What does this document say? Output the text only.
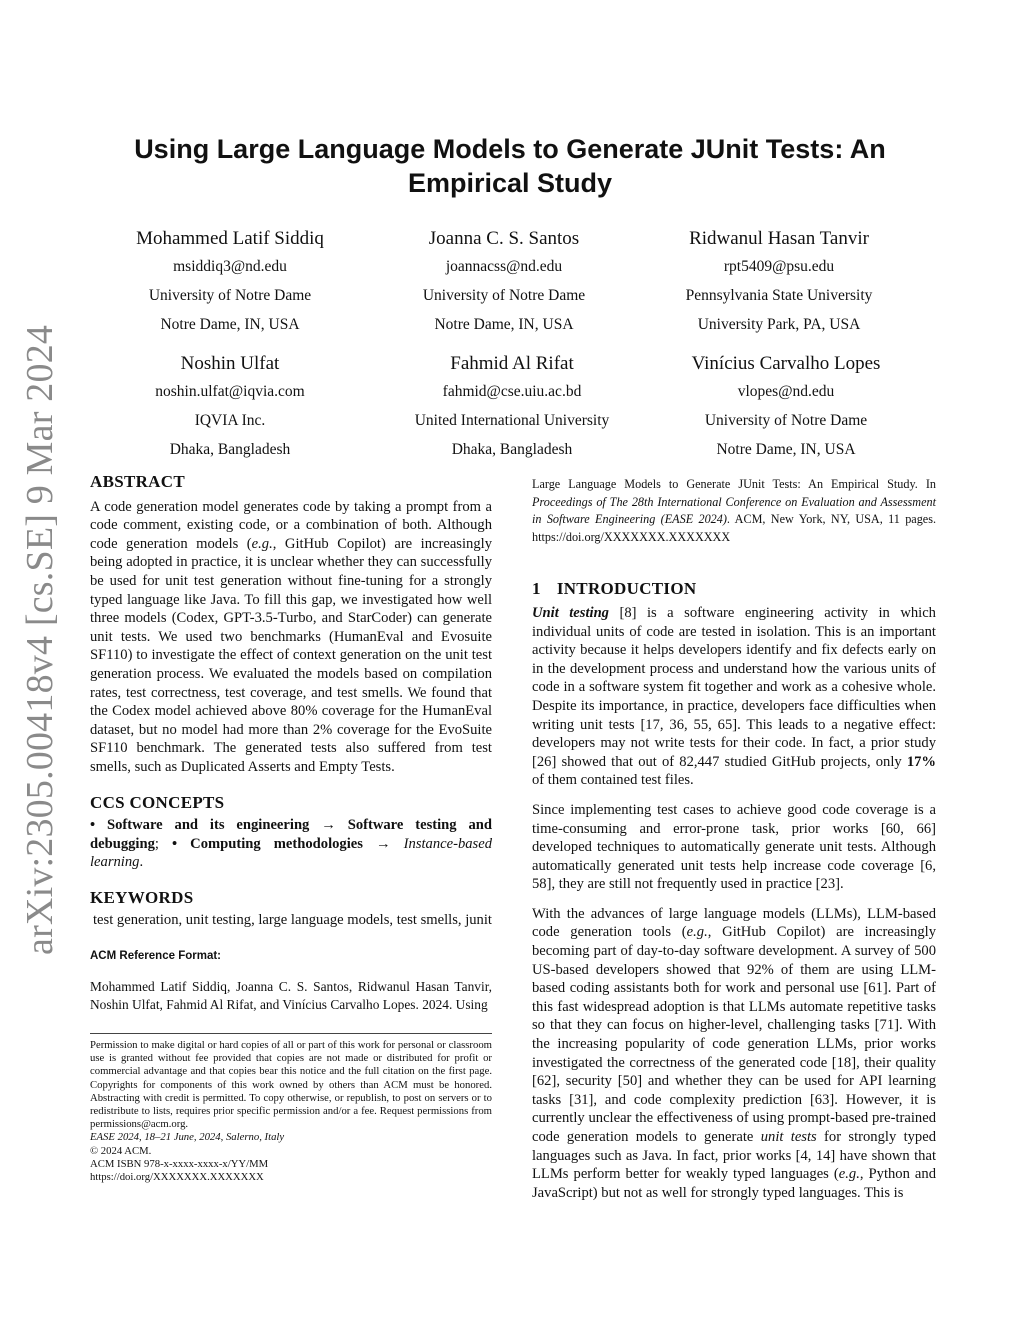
arXiv:2305.00418v4 [cs.SE] 9 Mar 2024
Using Large Language Models to Generate JUnit Tests: An
Empirical Study
Mohammed Latif Siddiq
msiddiq3@nd.edu
University of Notre Dame
Notre Dame, IN, USA
Joanna C. S. Santos
joannacss@nd.edu
University of Notre Dame
Notre Dame, IN, USA
Ridwanul Hasan Tanvir
rpt5409@psu.edu
Pennsylvania State University
University Park, PA, USA
Noshin Ulfat
noshin.ulfat@iqvia.com
IQVIA Inc.
Dhaka, Bangladesh
Fahmid Al Rifat
fahmid@cse.uiu.ac.bd
United International University
Dhaka, Bangladesh
Vinícius Carvalho Lopes
vlopes@nd.edu
University of Notre Dame
Notre Dame, IN, USA
ABSTRACT

A code generation model generates code by taking a prompt from a code comment, existing code, or a combination of both. Although code generation models (e.g., GitHub Copilot) are increasingly being adopted in practice, it is unclear whether they can successfully be used for unit test generation without fine-tuning for a strongly typed language like Java. To fill this gap, we investigated how well three models (Codex, GPT-3.5-Turbo, and StarCoder) can generate unit tests. We used two benchmarks (HumanEval and Evosuite SF110) to investigate the effect of context generation on the unit test generation process. We evaluated the models based on compilation rates, test correctness, test coverage, and test smells. We found that the Codex model achieved above 80% coverage for the HumanEval dataset, but no model had more than 2% coverage for the EvoSuite SF110 benchmark. The generated tests also suffered from test smells, such as Duplicated Asserts and Empty Tests.

CCS CONCEPTS

• Software and its engineering → Software testing and debugging; • Computing methodologies → Instance-based learning.

KEYWORDS

test generation, unit testing, large language models, test smells, junit

ACM Reference Format:

Mohammed Latif Siddiq, Joanna C. S. Santos, Ridwanul Hasan Tanvir, Noshin Ulfat, Fahmid Al Rifat, and Vinícius Carvalho Lopes. 2024. Using

Permission to make digital or hard copies of all or part of this work for personal or classroom use is granted without fee provided that copies are not made or distributed for profit or commercial advantage and that copies bear this notice and the full citation on the first page. Copyrights for components of this work owned by others than ACM must be honored. Abstracting with credit is permitted. To copy otherwise, or republish, to post on servers or to redistribute to lists, requires prior specific permission and/or a fee. Request permissions from permissions@acm.org.

EASE 2024, 18–21 June, 2024, Salerno, Italy

© 2024 ACM.

ACM ISBN 978-x-xxxx-xxxx-x/YY/MM

https://doi.org/XXXXXXX.XXXXXXX

Large Language Models to Generate JUnit Tests: An Empirical Study. In Proceedings of The 28th International Conference on Evaluation and Assessment in Software Engineering (EASE 2024). ACM, New York, NY, USA, 11 pages. https://doi.org/XXXXXXX.XXXXXXX

1 INTRODUCTION

Unit testing [8] is a software engineering activity in which individual units of code are tested in isolation. This is an important activity because it helps developers identify and fix defects early on in the development process and understand how the various units of code in a software system fit together and work as a cohesive whole. Despite its importance, in practice, developers face difficulties when writing unit tests [17, 36, 55, 65]. This leads to a negative effect: developers may not write tests for their code. In fact, a prior study [26] showed that out of 82,447 studied GitHub projects, only 17% of them contained test files.

Since implementing test cases to achieve good code coverage is a time-consuming and error-prone task, prior works [60, 66] developed techniques to automatically generate unit tests. Although automatically generated unit tests help increase code coverage [6, 58], they are still not frequently used in practice [23].

With the advances of large language models (LLMs), LLM-based code generation tools (e.g., GitHub Copilot) are increasingly becoming part of day-to-day software development. A survey of 500 US-based developers showed that 92% of them are using LLM-based coding assistants both for work and personal use [61]. Part of this fast widespread adoption is that LLMs automate repetitive tasks so that they can focus on higher-level, challenging tasks [71]. With the increasing popularity of code generation LLMs, prior works investigated the correctness of the generated code [18], their quality [62], security [50] and whether they can be used for API learning tasks [31], and code complexity prediction [63]. However, it is currently unclear the effectiveness of using prompt-based pre-trained code generation models to generate unit tests for strongly typed languages such as Java. In fact, prior works [4, 14] have shown that LLMs perform better for weakly typed languages (e.g., Python and JavaScript) but not as well for strongly typed languages. This is
